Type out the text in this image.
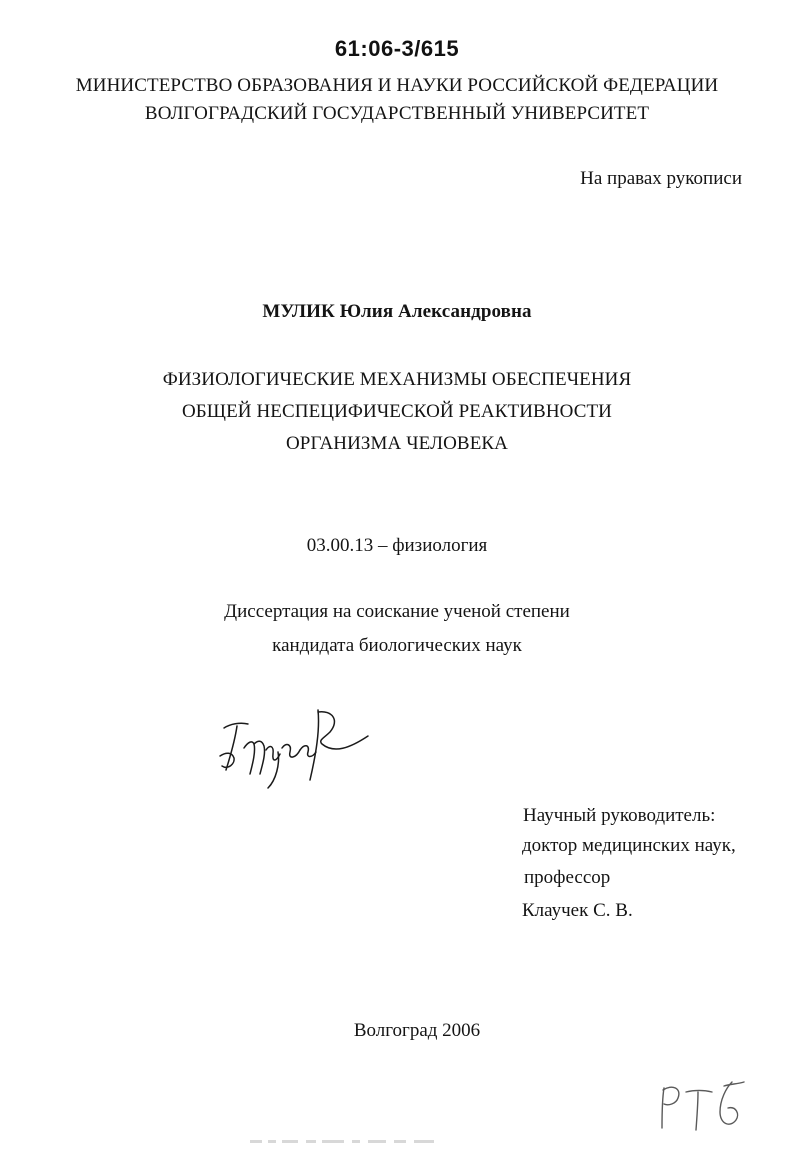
61:06-3/615
МИНИСТЕРСТВО ОБРАЗОВАНИЯ И НАУКИ РОССИЙСКОЙ ФЕДЕРАЦИИ
ВОЛГОГРАДСКИЙ ГОСУДАРСТВЕННЫЙ УНИВЕРСИТЕТ
На правах рукописи
МУЛИК Юлия Александровна
ФИЗИОЛОГИЧЕСКИЕ МЕХАНИЗМЫ ОБЕСПЕЧЕНИЯ
ОБЩЕЙ НЕСПЕЦИФИЧЕСКОЙ РЕАКТИВНОСТИ
ОРГАНИЗМА ЧЕЛОВЕКА
03.00.13 – физиология
Диссертация на соискание ученой степени
кандидата биологических наук
Научный руководитель:
доктор медицинских наук,
профессор
Клаучек С. В.
Волгоград 2006
